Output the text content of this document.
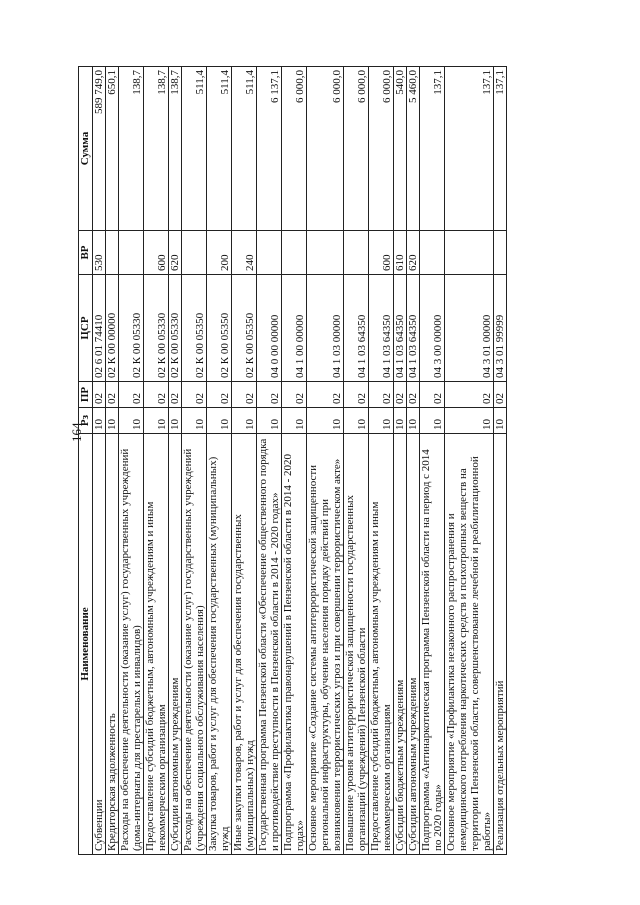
164
Наименование	Рз	ПР	ЦСР	ВР	Сумма
Субвенции	10	02	02 6 01 74410	530	589 749,0
Кредиторская задолженность	10	02	02 К 00 00000		650,1
Расходы на обеспечение деятельности (оказание услуг) государственных учреждений (дома-интернаты для престарелых и инвалидов)	10	02	02 К 00 05330		138,7
Предоставление субсидий бюджетным, автономным учреждениям и иным некоммерческим организациям	10	02	02 К 00 05330	600	138,7
Субсидии автономным учреждениям	10	02	02 К 00 05330	620	138,7
Расходы на обеспечение деятельности (оказание услуг) государственных учреждений (учреждения социального обслуживания населения)	10	02	02 К 00 05350		511,4
Закупка товаров, работ и услуг для обеспечения государственных (муниципальных) нужд	10	02	02 К 00 05350	200	511,4
Иные закупки товаров, работ и услуг для обеспечения государственных (муниципальных) нужд	10	02	02 К 00 05350	240	511,4
Государственная программа Пензенской области «Обеспечение общественного порядка и противодействие преступности в Пензенской области в 2014 - 2020 годах»	10	02	04 0 00 00000		6 137,1
Подпрограмма «Профилактика правонарушений в Пензенской области в 2014 - 2020 годах»	10	02	04 1 00 00000		6 000,0
Основное мероприятие «Создание системы антитеррористической защищенности региональной инфраструктуры, обучение населения порядку действий при возникновении террористических угроз и при совершении террористическом акте»	10	02	04 1 03 00000		6 000,0
Повышение уровня антитеррористической защищенности государственных организаций (учреждений) Пензенской области	10	02	04 1 03 64350		6 000,0
Предоставление субсидий бюджетным, автономным учреждениям и иным некоммерческим организациям	10	02	04 1 03 64350	600	6 000,0
Субсидии бюджетным учреждениям	10	02	04 1 03 64350	610	540,0
Субсидии автономным учреждениям	10	02	04 1 03 64350	620	5 460,0
Подпрограмма «Антинаркотическая программа Пензенской области на период с 2014 по 2020 годы»	10	02	04 3 00 00000		137,1
Основное мероприятие «Профилактика незаконного распространения и немедицинского потребления наркотических средств и психотропных веществ на территории Пензенской области, совершенствование лечебной и реабилитационной работы»	10	02	04 3 01 00000		137,1
Реализация отдельных мероприятий	10	02	04 3 01 99999		137,1
